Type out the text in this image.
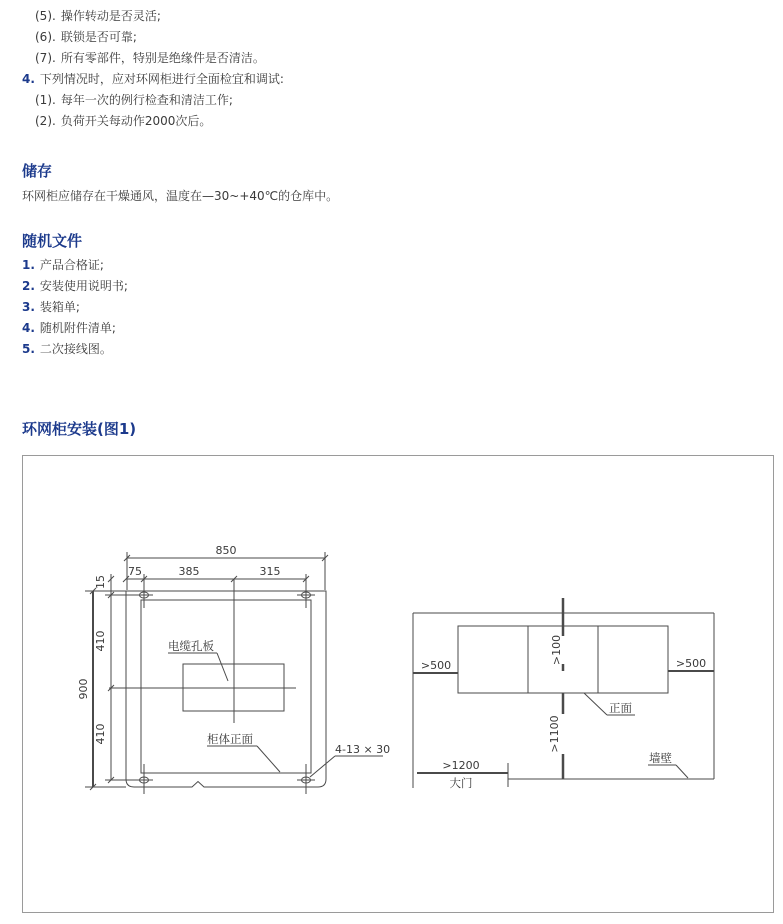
(5). 操作转动是否灵活;
(6). 联锁是否可靠;
(7). 所有零部件，特别是绝缘件是否清洁。
4. 下列情况时，应对环网柜进行全面检宜和调试:
(1). 每年一次的例行检查和清洁工作;
(2). 负荷开关每动作2000次后。
储存
环网柜应储存在干燥通风，温度在—30~+40℃的仓库中。
随机文件
1. 产品合格证;
2. 安装使用说明书;
3. 装箱单;
4. 随机附件清单;
5. 二次接线图。
环网柜安装(图1)
850
75	385	315
15
410
900
410
4-13 × 30
>500	>500
>100
>1100
>1200
电缆孔板
柜体正面
正面
墙壁
大门
